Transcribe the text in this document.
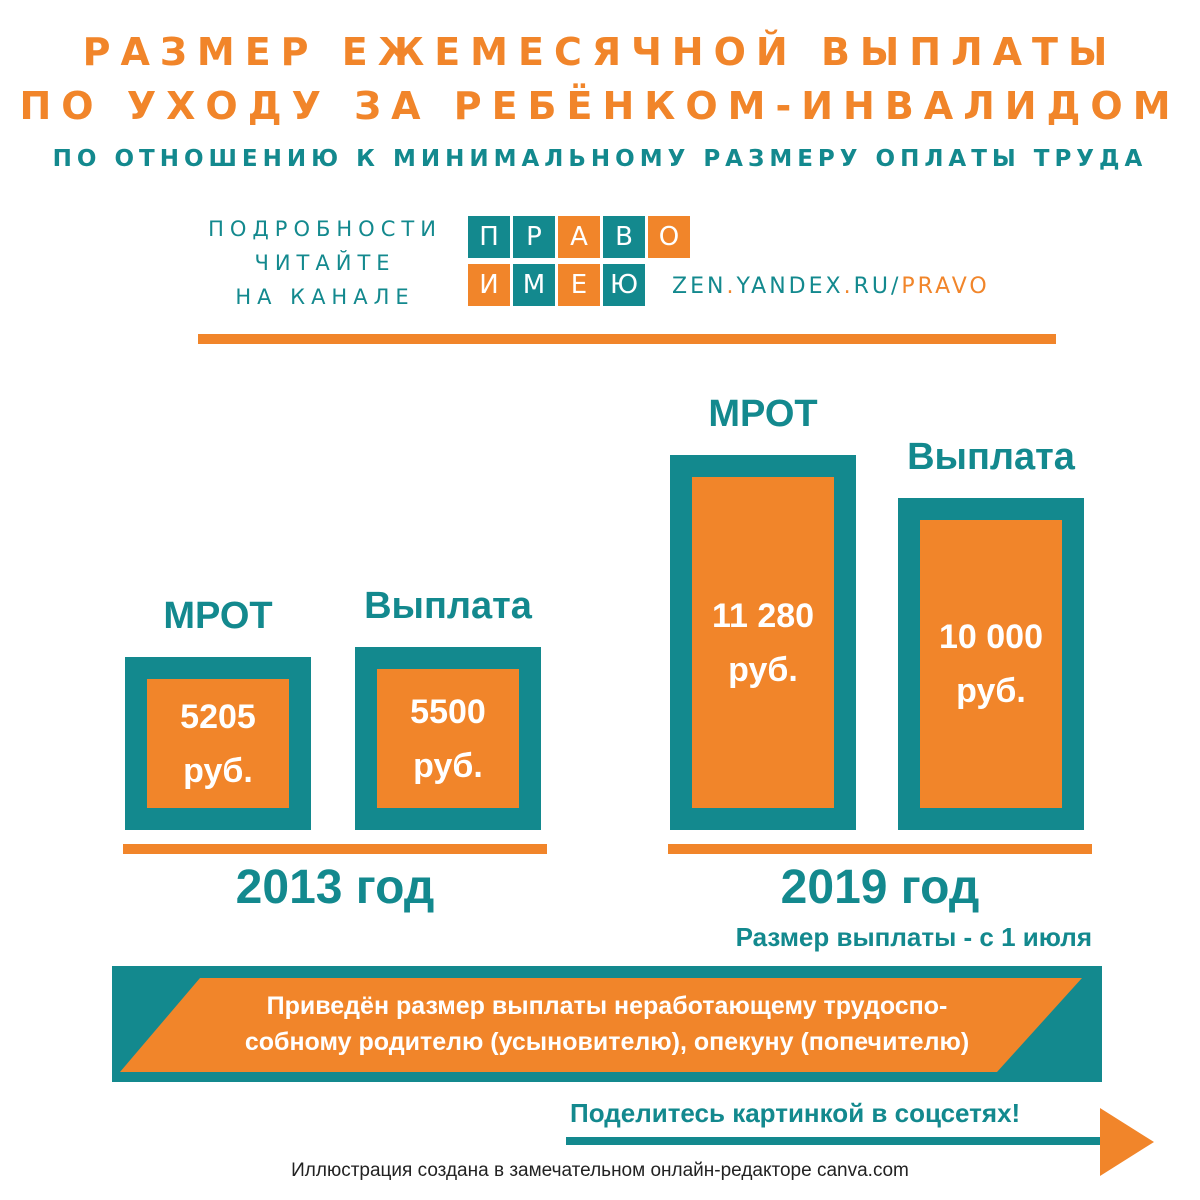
РАЗМЕР ЕЖЕМЕСЯЧНОЙ ВЫПЛАТЫ
ПО УХОДУ ЗА РЕБЁНКОМ-ИНВАЛИДОМ
ПО ОТНОШЕНИЮ К МИНИМАЛЬНОМУ РАЗМЕРУ ОПЛАТЫ ТРУДА
ПОДРОБНОСТИ
ЧИТАЙТЕ
НА КАНАЛЕ
П	Р	А	В О
И М Е Ю	ZEN.YANDEX.RU/PRAVO
5205
руб.
МРОТ
5500
руб.
Выплата
2013 год
11 280
руб.
МРОТ
10 000
руб.
Выплата
2019 год
Размер выплаты - с 1 июля
Приведён размер выплаты неработающему трудоспо-
собному родителю (усыновителю), опекуну (попечителю)
Поделитесь картинкой в соцсетях!
Иллюстрация создана в замечательном онлайн-редакторе canva.com
